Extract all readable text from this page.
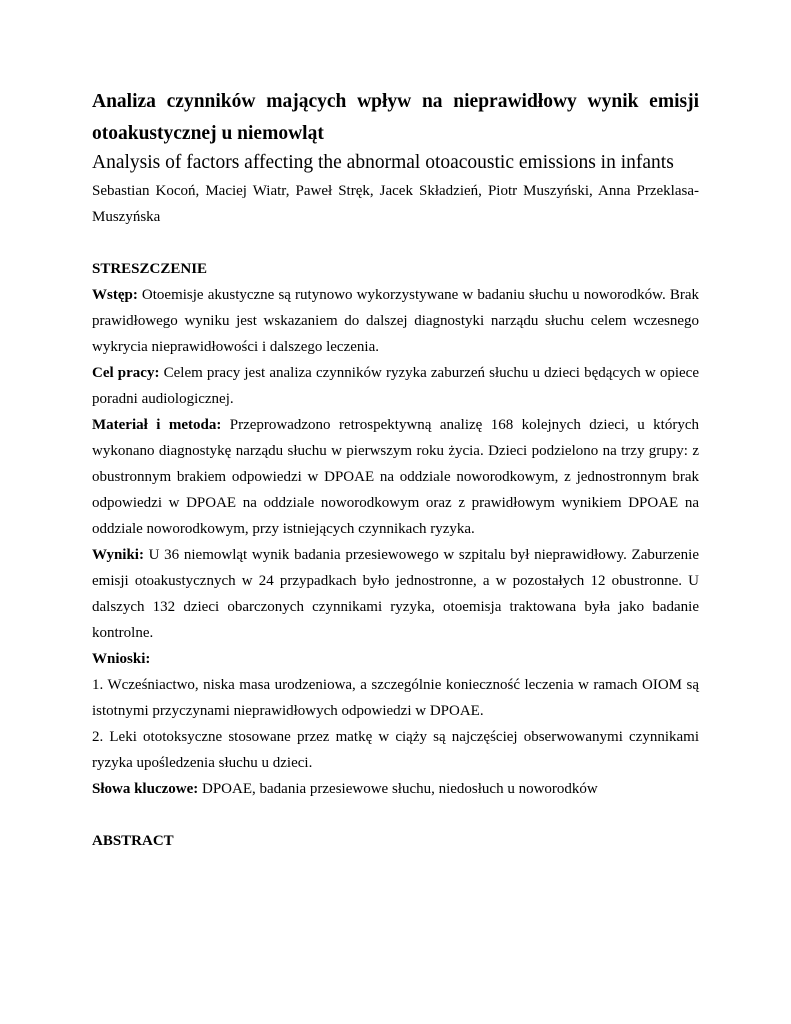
Analiza czynników mających wpływ na nieprawidłowy wynik emisji otoakustycznej u niemowląt

Analysis of factors affecting the abnormal otoacoustic emissions in infants

Sebastian Kocoń, Maciej Wiatr, Paweł Stręk, Jacek Składzień, Piotr Muszyński, Anna Przeklasa-Muszyńska

STRESZCZENIE

Wstęp: Otoemisje akustyczne są rutynowo wykorzystywane w badaniu słuchu u noworodków. Brak prawidłowego wyniku jest wskazaniem do dalszej diagnostyki narządu słuchu celem wczesnego wykrycia nieprawidłowości i dalszego leczenia.

Cel pracy: Celem pracy jest analiza czynników ryzyka zaburzeń słuchu u dzieci będących w opiece poradni audiologicznej.

Materiał i metoda: Przeprowadzono retrospektywną analizę 168 kolejnych dzieci, u których wykonano diagnostykę narządu słuchu w pierwszym roku życia. Dzieci podzielono na trzy grupy: z obustronnym brakiem odpowiedzi w DPOAE na oddziale noworodkowym, z jednostronnym brak odpowiedzi w DPOAE na oddziale noworodkowym oraz z prawidłowym wynikiem DPOAE na oddziale noworodkowym, przy istniejących czynnikach ryzyka.

Wyniki: U 36 niemowląt wynik badania przesiewowego w szpitalu był nieprawidłowy. Zaburzenie emisji otoakustycznych w 24 przypadkach było jednostronne, a w pozostałych 12 obustronne. U dalszych 132 dzieci obarczonych czynnikami ryzyka, otoemisja traktowana była jako badanie kontrolne.

Wnioski:

1. Wcześniactwo, niska masa urodzeniowa, a szczególnie konieczność leczenia w ramach OIOM są istotnymi przyczynami nieprawidłowych odpowiedzi w DPOAE.

2. Leki ototoksyczne stosowane przez matkę w ciąży są najczęściej obserwowanymi czynnikami ryzyka upośledzenia słuchu u dzieci.

Słowa kluczowe: DPOAE, badania przesiewowe słuchu, niedosłuch u noworodków

ABSTRACT
